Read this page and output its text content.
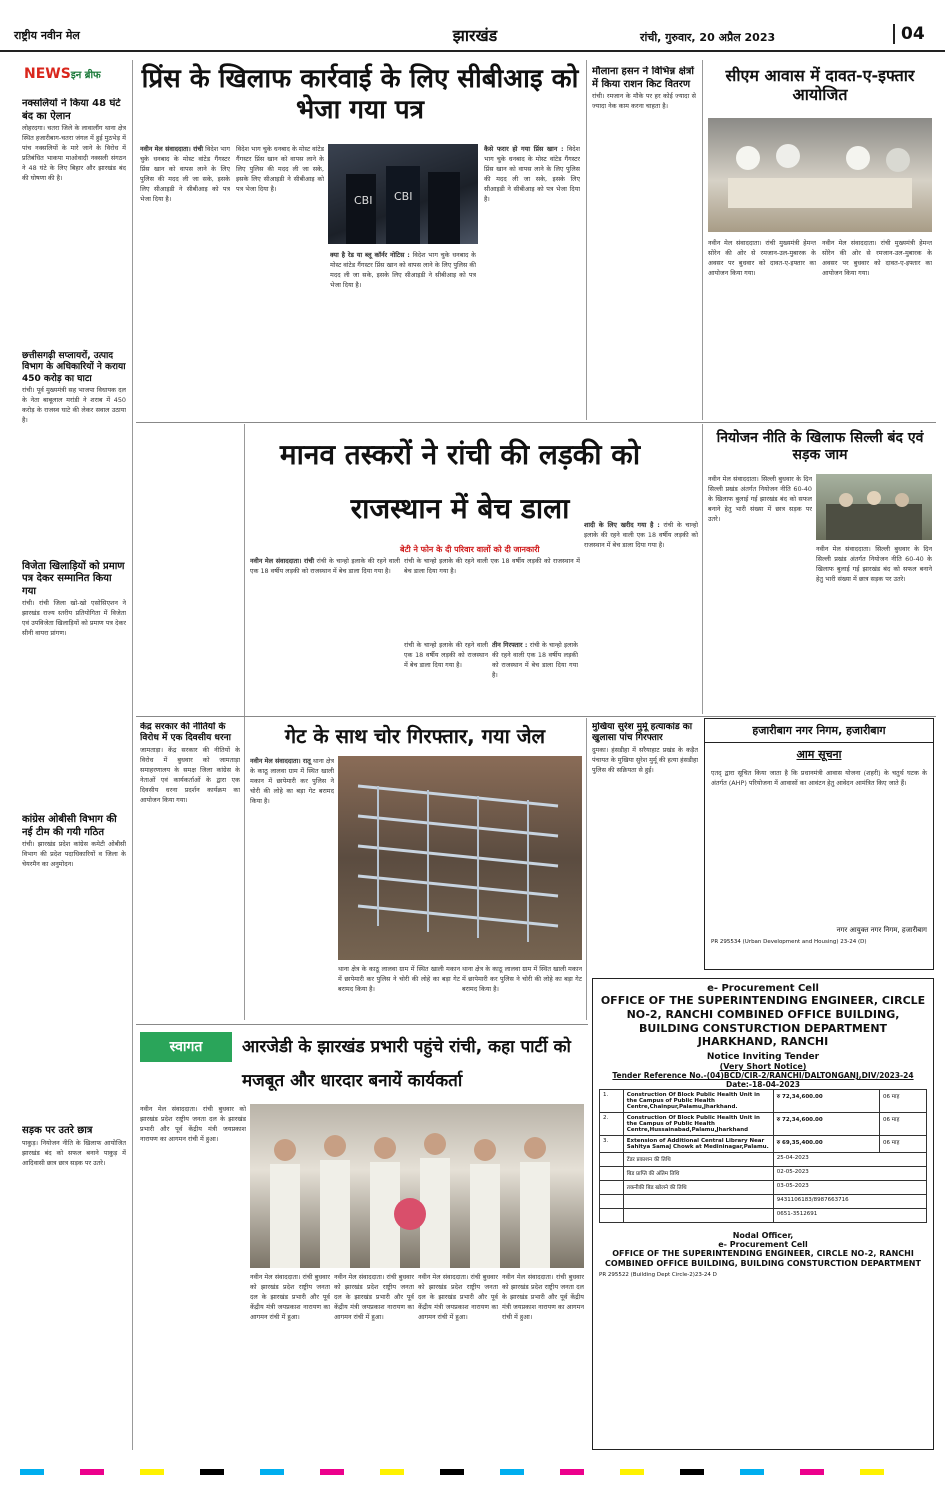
राष्ट्रीय नवीन मेल	झारखंड	रांची, गुरुवार, 20 अप्रैल 2023	04
NEWSइन ब्रीफ
नक्सलियों ने किया 48 घंटे बंद का ऐलान
लोहरदगा। चतरा जिले के लावालौंग थाना क्षेत्र स्थित हजारीबाग-चतरा जंगल में हुई मुठभेड़ में पांच नक्सलियों के मारे जाने के विरोध में प्रतिबंधित भाकपा माओवादी नक्सली संगठन ने 48 घंटे के लिए बिहार और झारखंड बंद की घोषणा की है।
छत्तीसगढ़ी सप्लायरों, उत्पाद विभाग के अधिकारियों ने कराया 450 करोड़ का घाटा
रांची। पूर्व मुख्यमंत्री सह भाजपा विधायक दल के नेता बाबूलाल मरांडी ने शराब में 450 करोड़ के राजस्व घाटे की लेकर सवाल उठाया है।
विजेता खिलाड़ियों को प्रमाण पत्र देकर सम्मानित किया गया
रांची। रांची जिला खो-खो एसोसिएशन ने झारखंड राज्य स्तरीय प्रतियोगिता में विजेता एवं उपविजेता खिलाड़ियों को प्रमाण पत्र देकर सीनी वायरा प्रांगण।
कांग्रेस ओबीसी विभाग की नई टीम की गयी गठित
रांची। झारखंड प्रदेश कांग्रेस कमेटी ओबीसी विभाग की प्रदेश पदाधिकारियों व जिला के चेयरमैन का अनुमोदन।
सड़क पर उतरे छात्र
पाकुड़। नियोजन नीति के खिलाफ आयोजित झारखंड बंद को सफल बनाने पाकुड़ में आदिवासी छात्र छात्र सड़क पर उतरे।
प्रिंस के खिलाफ कार्रवाई के लिए सीबीआइ को भेजा गया पत्र
CBI CBI
नवीन मेल संवाददाता। रांची विदेश भाग चुके धनबाद के मोस्ट वांटेड गैंगस्टर प्रिंस खान को वापस लाने के लिए पुलिस की मदद ली जा सके, इसके लिए सीआइडी ने सीबीआइ को पत्र भेजा दिया है।
विदेश भाग चुके धनबाद के मोस्ट वांटेड गैंगस्टर प्रिंस खान को वापस लाने के लिए पुलिस की मदद ली जा सके, इसके लिए सीआइडी ने सीबीआइ को पत्र भेजा दिया है।
क्या है रेड या ब्लू कॉर्नर नोटिस : विदेश भाग चुके धनबाद के मोस्ट वांटेड गैंगस्टर प्रिंस खान को वापस लाने के लिए पुलिस की मदद ली जा सके, इसके लिए सीआइडी ने सीबीआइ को पत्र भेजा दिया है।
कैसे फरार हो गया प्रिंस खान : विदेश भाग चुके धनबाद के मोस्ट वांटेड गैंगस्टर प्रिंस खान को वापस लाने के लिए पुलिस की मदद ली जा सके, इसके लिए सीआइडी ने सीबीआइ को पत्र भेजा दिया है।
मौलाना हसन ने विभिन्न क्षेत्रों में किया राशन किट वितरण
रांची। रमजान के मौके पर हर कोई ज्यादा से ज्यादा नेक काम करना चाहता है।
सीएम आवास में दावत-ए-इफ्तार आयोजित
नवीन मेल संवाददाता। रांची मुख्यमंत्री हेमन्त सोरेन की ओर से रमजान-उल-मुबारक के अवसर पर बुधवार को दावत-ए-इफ्तार का आयोजन किया गया।
नवीन मेल संवाददाता। रांची मुख्यमंत्री हेमन्त सोरेन की ओर से रमजान-उल-मुबारक के अवसर पर बुधवार को दावत-ए-इफ्तार का आयोजन किया गया।
मानव तस्करों ने रांची की लड़की को राजस्थान में बेच डाला
बेटी ने फोन के दी परिवार वालों को दी जानकारी
नवीन मेल संवाददाता। रांची रांची के चान्हो इलाके की रहने वाली एक 18 वर्षीय लड़की को राजस्थान में बेच डाला दिया गया है।
रांची के चान्हो इलाके की रहने वाली एक 18 वर्षीय लड़की को राजस्थान में बेच डाला दिया गया है।
रांची के चान्हो इलाके की रहने वाली एक 18 वर्षीय लड़की को राजस्थान में बेच डाला दिया गया है।
तीन गिरफ्तार : रांची के चान्हो इलाके की रहने वाली एक 18 वर्षीय लड़की को राजस्थान में बेच डाला दिया गया है।
शादी के लिए खरीद गया है : रांची के चान्हो इलाके की रहने वाली एक 18 वर्षीय लड़की को राजस्थान में बेच डाला दिया गया है।
नियोजन नीति के खिलाफ सिल्ली बंद एवं सड़क जाम
नवीन मेल संवाददाता। सिल्ली बुधवार के दिन सिल्ली प्रखंड अंतर्गत नियोजन नीति 60-40 के खिलाफ बुलाई गई झारखंड बंद को सफल बनाने हेतु भारी संख्या में छात्र सड़क पर उतरे।
नवीन मेल संवाददाता। सिल्ली बुधवार के दिन सिल्ली प्रखंड अंतर्गत नियोजन नीति 60-40 के खिलाफ बुलाई गई झारखंड बंद को सफल बनाने हेतु भारी संख्या में छात्र सड़क पर उतरे।
केंद्र सरकार की नीतियों के विरोध में एक दिवसीय धरना
जामताड़ा। केंद्र सरकार की नीतियों के विरोध में बुधवार को जामताड़ा समाहरणालय के समक्ष जिला कांग्रेस के नेताओं एवं कार्यकर्ताओं के द्वारा एक दिवसीय धरना प्रदर्शन कार्यक्रम का आयोजन किया गया।
गेट के साथ चोर गिरफ्तार, गया जेल
नवीन मेल संवाददाता। रातू थाना क्षेत्र के काठू लालवा ग्राम में स्थित खाली मकान में छापेमारी कर पुलिस ने चोरी की लोहे का बड़ा गेट बरामद किया है।
थाना क्षेत्र के काठू लालवा ग्राम में स्थित खाली मकान में छापेमारी कर पुलिस ने चोरी की लोहे का बड़ा गेट बरामद किया है।
थाना क्षेत्र के काठू लालवा ग्राम में स्थित खाली मकान में छापेमारी कर पुलिस ने चोरी की लोहे का बड़ा गेट बरामद किया है।
मुखिया सुरेश मुर्मू हत्याकांड का खुलासा पांच गिरफ्तार
दुमका। हंसडीहा में सरैयाहाट प्रखंड के कड़ैत पंचायत के मुखिया सुरेश मुर्मू की हत्या हंसडीहा पुलिस की सक्रियता से हुई।
हजारीबाग नगर निगम, हजारीबाग
आम सूचना
एतद् द्वारा सूचित किया जाता है कि प्रधानमंत्री आवास योजना (शहरी) के चतुर्थ घटक के अंतर्गत (AHP) परियोजना में आवासों का आवंटन हेतु आवेदन आमंत्रित किए जाते हैं।
नगर आयुक्त नगर निगम, हजारीबाग
PR 295534 (Urban Development and Housing) 23-24 (D)
e- Procurement Cell
OFFICE OF THE SUPERINTENDING ENGINEER, CIRCLE NO-2, RANCHI COMBINED OFFICE BUILDING, BUILDING CONSTURCTION DEPARTMENT JHARKHAND, RANCHI
Notice Inviting Tender
(Very Short Notice)
Tender Reference No.-(04)BCD/CIR-2/RANCHI/DALTONGANJ,DIV/2023-24
Date:-18-04-2023
1.	Construction Of Block Public Health Unit in the Campus of Public Health Centre,Chainpur,Palamu,Jharkhand.	रु 72,34,600.00	06 माह
2.	Construction Of Block Public Health Unit in the Campus of Public Health Centre,Hussainabad,Palamu,Jharkhand	रु 72,34,600.00	06 माह
3.	Extension of Additional Central Library Near Sahitya Samaj Chowk at Medininagar,Palamu.	रु 69,35,400.00	06 माह
	टेंडर प्रकाशन की तिथि	25-04-2023	
	बिड प्राप्ति की अंतिम तिथि	02-05-2023	
	तकनीकी बिड खोलने की तिथि	03-05-2023	
		9431106183/8987663716	
		0651-3512691	
Nodal Officer,
e- Procurement Cell
OFFICE OF THE SUPERINTENDING ENGINEER, CIRCLE NO-2, RANCHI COMBINED OFFICE BUILDING, BUILDING CONSTURCTION DEPARTMENT
PR 295522 (Building Dept Circle-2)23-24 D
स्वागत	आरजेडी के झारखंड प्रभारी पहुंचे रांची, कहा पार्टी को मजबूत और धारदार बनायें कार्यकर्ता
नवीन मेल संवाददाता। रांची बुधवार को झारखंड प्रदेश राष्ट्रीय जनता दल के झारखंड प्रभारी और पूर्व केंद्रीय मंत्री जयप्रकाश नारायण का आगमन रांची में हुआ।
नवीन मेल संवाददाता। रांची बुधवार को झारखंड प्रदेश राष्ट्रीय जनता दल के झारखंड प्रभारी और पूर्व केंद्रीय मंत्री जयप्रकाश नारायण का आगमन रांची में हुआ।
नवीन मेल संवाददाता। रांची बुधवार को झारखंड प्रदेश राष्ट्रीय जनता दल के झारखंड प्रभारी और पूर्व केंद्रीय मंत्री जयप्रकाश नारायण का आगमन रांची में हुआ।
नवीन मेल संवाददाता। रांची बुधवार को झारखंड प्रदेश राष्ट्रीय जनता दल के झारखंड प्रभारी और पूर्व केंद्रीय मंत्री जयप्रकाश नारायण का आगमन रांची में हुआ।
नवीन मेल संवाददाता। रांची बुधवार को झारखंड प्रदेश राष्ट्रीय जनता दल के झारखंड प्रभारी और पूर्व केंद्रीय मंत्री जयप्रकाश नारायण का आगमन रांची में हुआ।
